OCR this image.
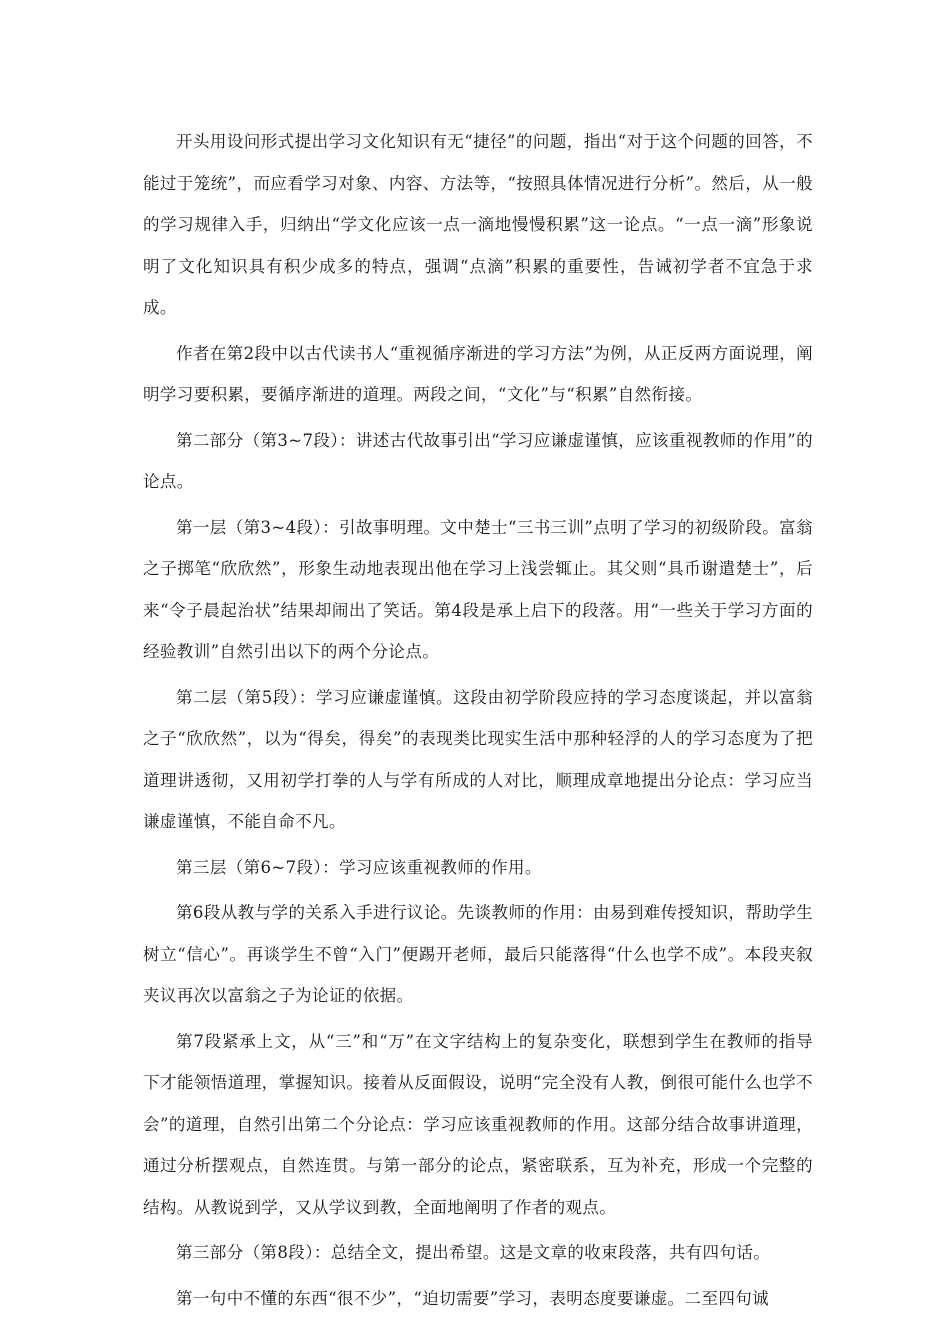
开头用设问形式提出学习文化知识有无“捷径”的问题，指出“对于这个问题的回答，不能过于笼统”，而应看学习对象、内容、方法等，“按照具体情况进行分析”。然后，从一般的学习规律入手，归纳出“学文化应该一点一滴地慢慢积累”这一论点。“一点一滴”形象说明了文化知识具有积少成多的特点，强调“点滴”积累的重要性，告诫初学者不宜急于求成。

作者在第2段中以古代读书人“重视循序渐进的学习方法”为例，从正反两方面说理，阐明学习要积累，要循序渐进的道理。两段之间，“文化”与“积累”自然衔接。

第二部分（第3~7段）：讲述古代故事引出“学习应谦虚谨慎，应该重视教师的作用”的论点。

第一层（第3~4段）：引故事明理。文中楚士“三书三训”点明了学习的初级阶段。富翁之子掷笔“欣欣然”，形象生动地表现出他在学习上浅尝辄止。其父则“具币谢遣楚士”，后来“令子晨起治状”结果却闹出了笑话。第4段是承上启下的段落。用“一些关于学习方面的经验教训”自然引出以下的两个分论点。

第二层（第5段）：学习应谦虚谨慎。这段由初学阶段应持的学习态度谈起，并以富翁之子“欣欣然”，以为“得矣，得矣”的表现类比现实生活中那种轻浮的人的学习态度为了把道理讲透彻，又用初学打拳的人与学有所成的人对比，顺理成章地提出分论点：学习应当谦虚谨慎，不能自命不凡。

第三层（第6~7段）：学习应该重视教师的作用。

第6段从教与学的关系入手进行议论。先谈教师的作用：由易到难传授知识，帮助学生树立“信心”。再谈学生不曾“入门”便踢开老师，最后只能落得“什么也学不成”。本段夹叙夹议再次以富翁之子为论证的依据。

第7段紧承上文，从“三”和“万”在文字结构上的复杂变化，联想到学生在教师的指导下才能领悟道理，掌握知识。接着从反面假设，说明“完全没有人教，倒很可能什么也学不会”的道理，自然引出第二个分论点：学习应该重视教师的作用。这部分结合故事讲道理，通过分析摆观点，自然连贯。与第一部分的论点，紧密联系，互为补充，形成一个完整的结构。从教说到学，又从学议到教，全面地阐明了作者的观点。

第三部分（第8段）：总结全文，提出希望。这是文章的收束段落，共有四句话。

第一句中不懂的东西“很不少”，“迫切需要”学习，表明态度要谦虚。二至四句诚
